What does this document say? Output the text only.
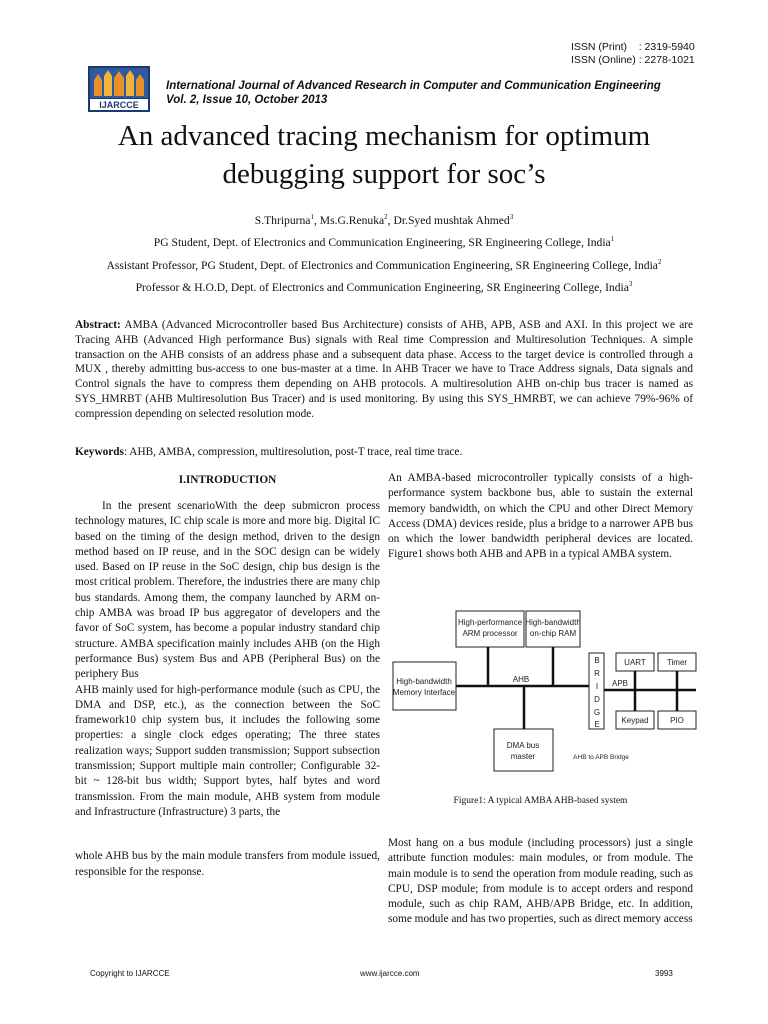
ISSN (Print) : 2319-5940
ISSN (Online) : 2278-1021
IJARCCE
International Journal of Advanced Research in Computer and Communication Engineering
Vol. 2, Issue 10, October 2013
An advanced tracing mechanism for optimum
debugging support for soc’s
S.Thripurna$^1$, Ms.G.Renuka$^2$, Dr.Syed mushtak Ahmed$^3$
PG Student, Dept. of Electronics and Communication Engineering, SR Engineering College, India$^1$
Assistant Professor, PG Student, Dept. of Electronics and Communication Engineering, SR Engineering College, India$^2$
Professor & H.O.D, Dept. of Electronics and Communication Engineering, SR Engineering College, India$^3$
Abstract: AMBA (Advanced Microcontroller based Bus Architecture) consists of AHB, APB, ASB and AXI. In this project we are Tracing AHB (Advanced High performance Bus) signals with Real time Compression and Multiresolution Techniques. A simple transaction on the AHB consists of an address phase and a subsequent data phase. Access to the target device is controlled through a MUX , thereby admitting bus-access to one bus-master at a time. In AHB Tracer we have to Trace Address signals, Data signals and Control signals the have to compress them depending on AHB protocols. A multiresolution AHB on-chip bus tracer is named as SYS_HMRBT (AHB Multiresolution Bus Tracer) and is used monitoring. By using this SYS_HMRBT, we can achieve 79%-96% of compression depending on selected resolution mode.
Keywords: AHB, AMBA, compression, multiresolution, post-T trace, real time trace.
I.INTRODUCTION

In the present scenarioWith the deep submicron process technology matures, IC chip scale is more and more big. Digital IC based on the timing of the design method, driven to the design method based on IP reuse, and in the SOC design can be widely used. Based on IP reuse in the SoC design, chip bus design is the most critical problem. Therefore, the industries there are many chip bus standards. Among them, the company launched by ARM on-chip AMBA was broad IP bus aggregator of developers and the favor of SoC system, has become a popular industry standard chip structure. AMBA specification mainly includes AHB (on the High performance Bus) system Bus and APB (Peripheral Bus) on the periphery Bus

AHB mainly used for high-performance module (such as CPU, the DMA and DSP, etc.), as the connection between the SoC framework10 chip system bus, it includes the following some properties: a single clock edges operating; The three states realization ways; Support sudden transmission; Support subsection transmission; Support multiple main controller; Configurable 32-bit ~ 128-bit bus width; Support bytes, half bytes and word transmission. From the main module, AHB system from module and Infrastructure (Infrastructure) 3 parts, the

whole AHB bus by the main module transfers from module issued, responsible for the response.

An AMBA-based microcontroller typically consists of a high-performance system backbone bus, able to sustain the external memory bandwidth, on which the CPU and other Direct Memory Access (DMA) devices reside, plus a bridge to a narrower APB bus on which the lower bandwidth peripheral devices are located. Figure1 shows both AHB and APB in a typical AMBA system.

High-performance
ARM processor
High-bandwidth
on-chip RAM
High-bandwidth
Memory Interface
AHB
B
R
I
D
G
E
APB
UART	Timer
Keypad	PIO
DMA bus
master	AHB to APB Bridge
Figure1: A typical AMBA AHB-based system

Most hang on a bus module (including processors) just a single attribute function modules: main modules, or from module. The main module is to send the operation from module reading, such as CPU, DSP module; from module is to accept orders and respond module, such as chip RAM, AHB/APB Bridge, etc. In addition, some module and has two properties, such as direct memory access

Copyright to IJARCCE	www.ijarcce.com	3993
